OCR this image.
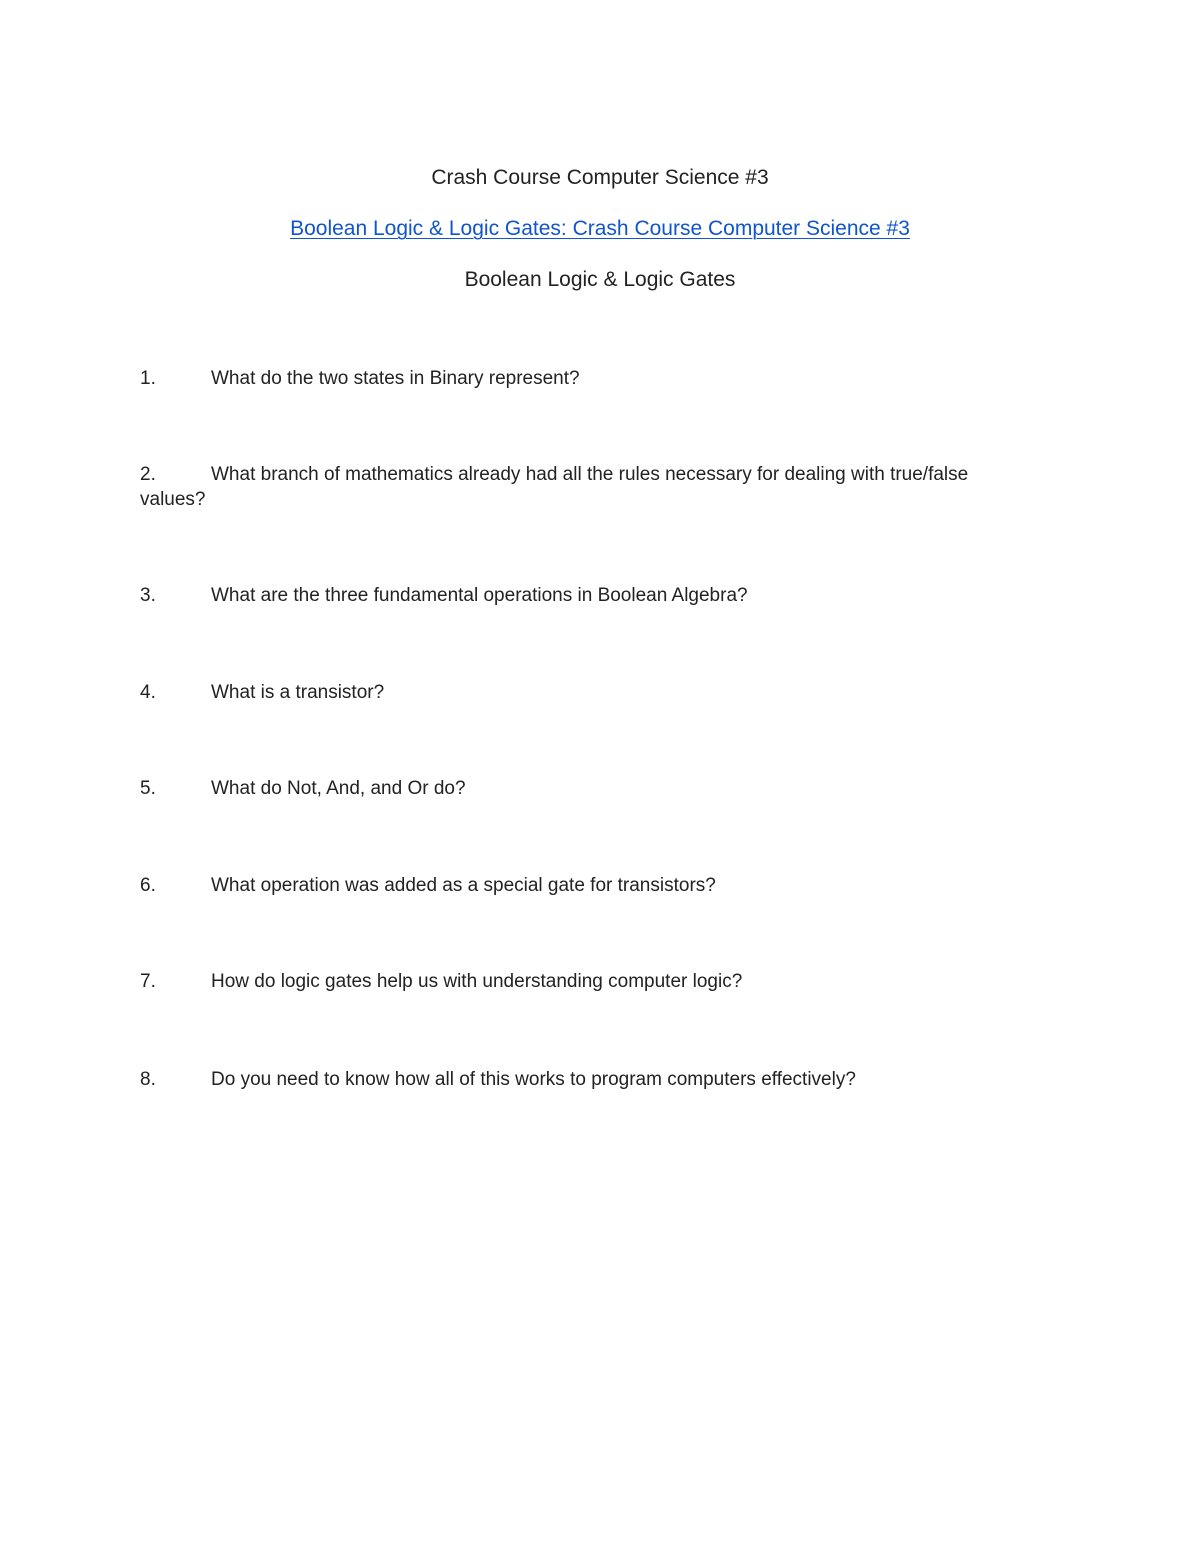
Crash Course Computer Science #3
Boolean Logic & Logic Gates: Crash Course Computer Science #3
Boolean Logic & Logic Gates
1.	What do the two states in Binary represent?
2.	What branch of mathematics already had all the rules necessary for dealing with true/false values?
3.	What are the three fundamental operations in Boolean Algebra?
4.	What is a transistor?
5.	What do Not, And, and Or do?
6.	What operation was added as a special gate for transistors?
7.	How do logic gates help us with understanding computer logic?
8.	Do you need to know how all of this works to program computers effectively?
